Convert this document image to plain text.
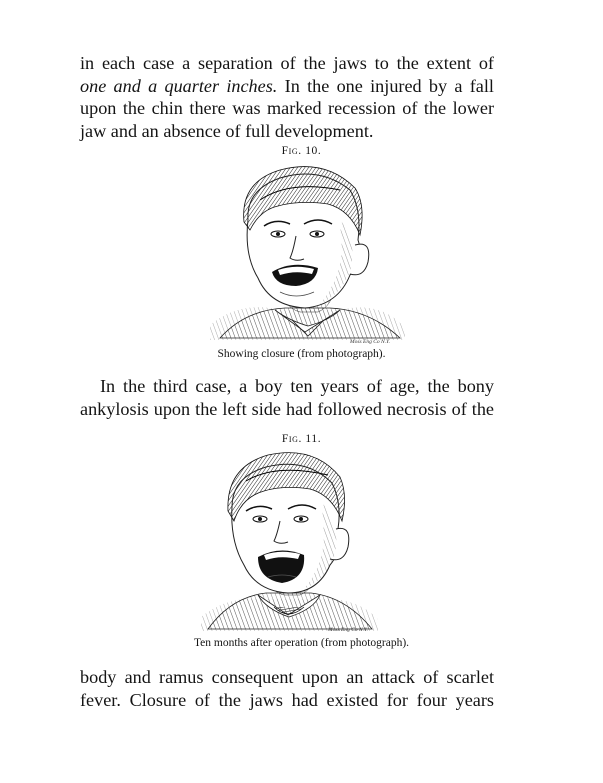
in each case a separation of the jaws to the extent of
one and a quarter inches. In the one injured by a fall
upon the chin there was marked recession of the lower
jaw and an absence of full development.
Fig. 10.
Moss Eng Co N.Y.
Showing closure (from photograph).
In the third case, a boy ten years of age, the bony
ankylosis upon the left side had followed necrosis of the
Fig. 11.
Moss Eng Co N.Y.
Ten months after operation (from photograph).
body and ramus consequent upon an attack of scarlet
fever. Closure of the jaws had existed for four years
